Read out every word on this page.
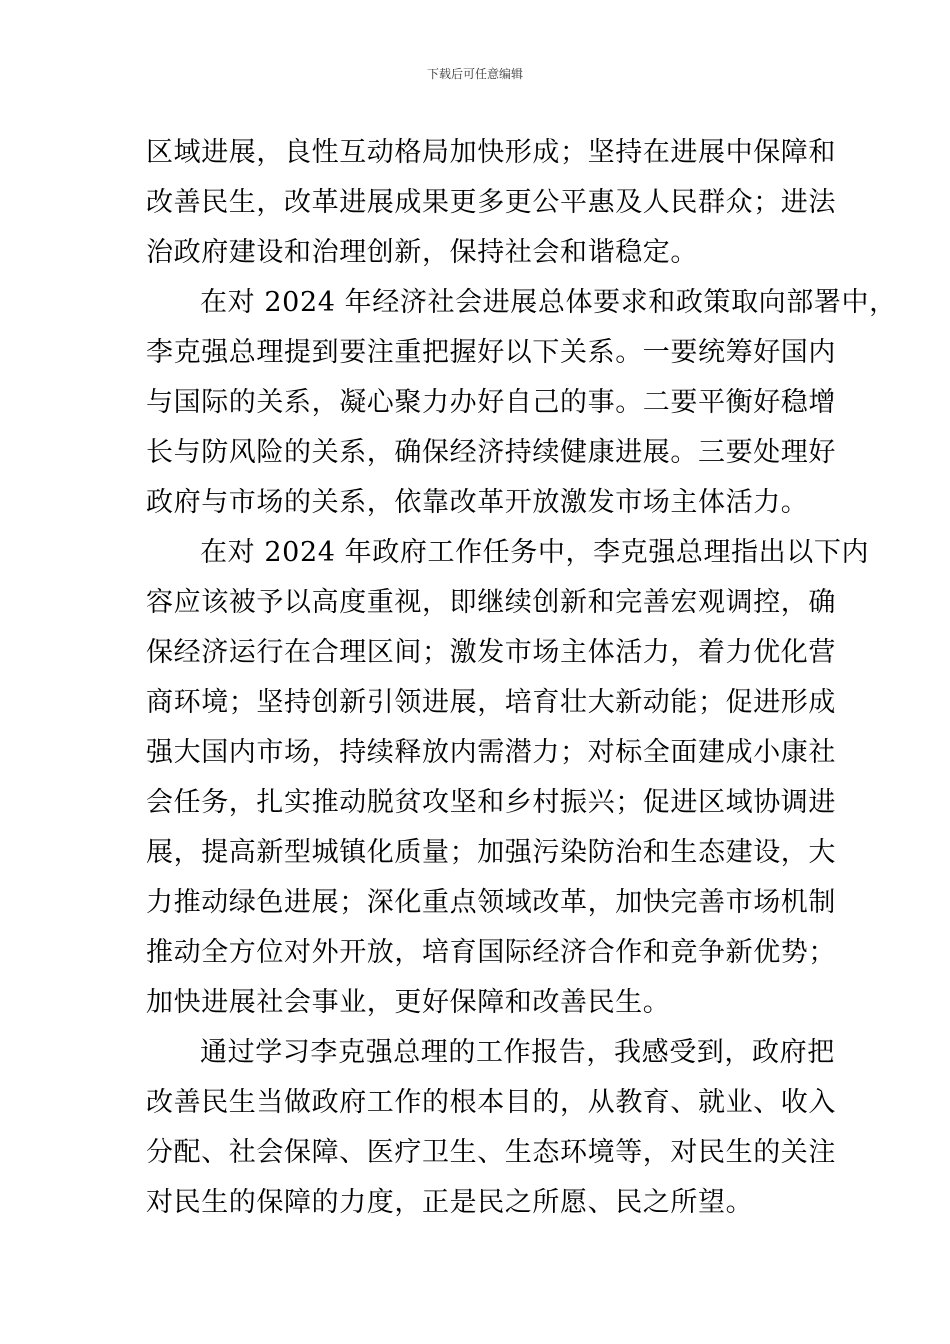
下载后可任意编辑
区域进展，良性互动格局加快形成；坚持在进展中保障和
改善民生，改革进展成果更多更公平惠及人民群众；进法
治政府建设和治理创新，保持社会和谐稳定。
在对 2024 年经济社会进展总体要求和政策取向部署中，
李克强总理提到要注重把握好以下关系。一要统筹好国内
与国际的关系，凝心聚力办好自己的事。二要平衡好稳增
长与防风险的关系，确保经济持续健康进展。三要处理好
政府与市场的关系，依靠改革开放激发市场主体活力。
在对 2024 年政府工作任务中，李克强总理指出以下内
容应该被予以高度重视，即继续创新和完善宏观调控，确
保经济运行在合理区间；激发市场主体活力，着力优化营
商环境；坚持创新引领进展，培育壮大新动能；促进形成
强大国内市场，持续释放内需潜力；对标全面建成小康社
会任务，扎实推动脱贫攻坚和乡村振兴；促进区域协调进
展，提高新型城镇化质量；加强污染防治和生态建设，大
力推动绿色进展；深化重点领域改革，加快完善市场机制
推动全方位对外开放，培育国际经济合作和竞争新优势；
加快进展社会事业，更好保障和改善民生。
通过学习李克强总理的工作报告，我感受到，政府把
改善民生当做政府工作的根本目的，从教育、就业、收入
分配、社会保障、医疗卫生、生态环境等，对民生的关注
对民生的保障的力度，正是民之所愿、民之所望。
